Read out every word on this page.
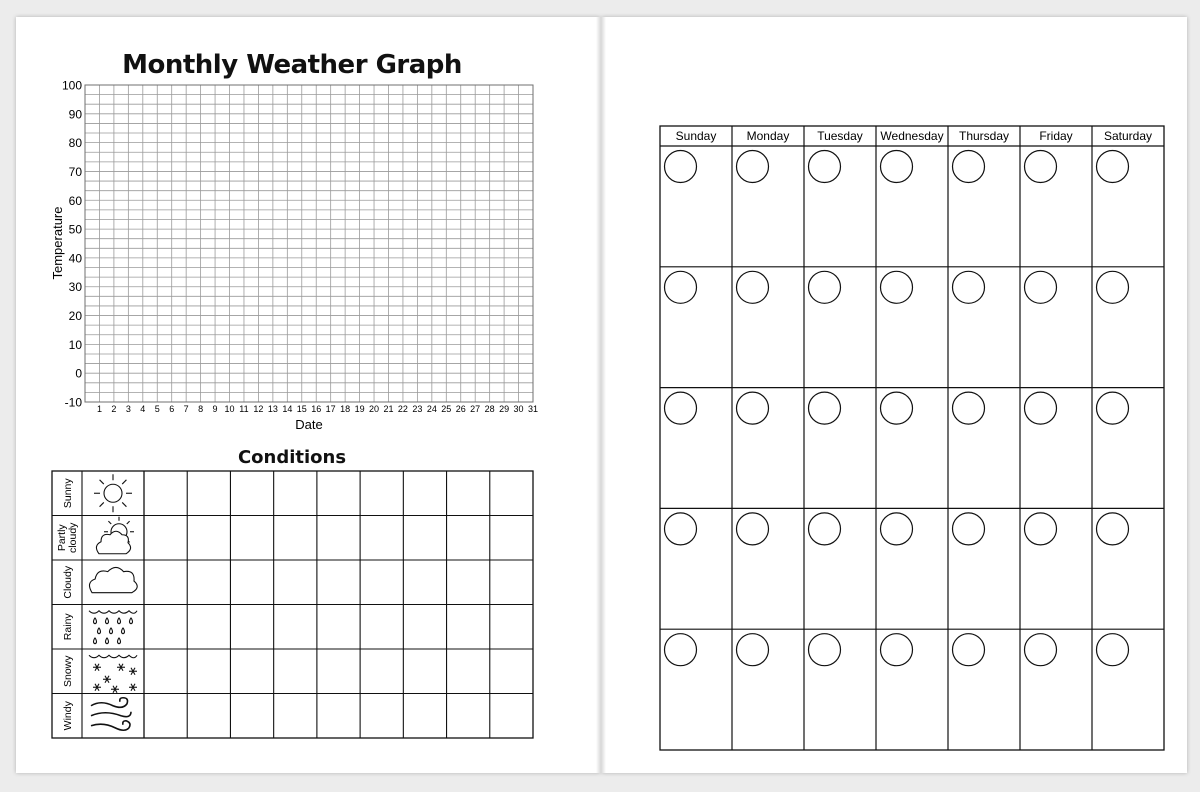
Monthly Weather Graph
100
90
80
70
60
50
40
30
20
10
0
-10 1 2 3 4 5 6 7 8 9 10 11 12 13 14 15 16 17 18 19 20 21 22 23 24 25 26 27 28 29 30 31
Temperature
Date
Conditions
Sunny
Partlycloudy
Cloudy
Rainy
Snowy
Windy
Sunday	Monday Tuesday Wednesday Thursday	Friday	Saturday
